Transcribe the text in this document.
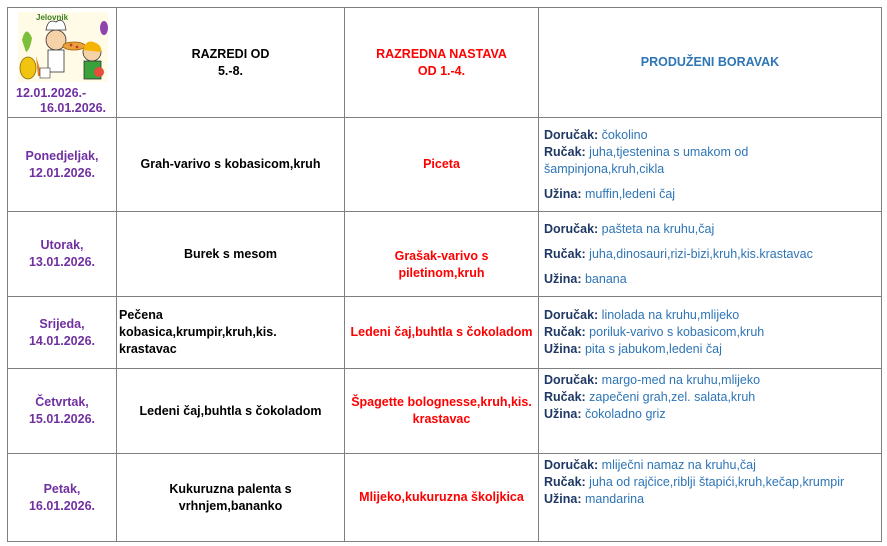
Jelovnik
12.01.2026.-
16.01.2026.	RAZREDI OD
5.-8.	RAZREDNA NASTAVA
OD 1.-4.	PRODUŽENI BORAVAK

Ponedjeljak,
12.01.2026.	Grah-varivo s kobasicom,kruh	Piceta	Doručak: čokolino
Ručak: juha,tjestenina s umakom od
šampinjona,kruh,cikla
Užina: muffin,ledeni čaj

Utorak,
13.01.2026.	Burek s mesom	Grašak-varivo s
piletinom,kruh	Doručak: pašteta na kruhu,čaj
Ručak: juha,dinosauri,rizi-bizi,kruh,kis.krastavac
Užina: banana

Srijeda,
14.01.2026.	Pečena
kobasica,krumpir,kruh,kis.
krastavac	Ledeni čaj,buhtla s čokoladom	Doručak: linolada na kruhu,mlijeko
Ručak: poriluk-varivo s kobasicom,kruh
Užina: pita s jabukom,ledeni čaj

Četvrtak,
15.01.2026.	Ledeni čaj,buhtla s čokoladom	Špagette bolognesse,kruh,kis.
krastavac	Doručak: margo-med na kruhu,mlijeko
Ručak: zapečeni grah,zel. salata,kruh
Užina: čokoladno griz

Petak,
16.01.2026.	Kukuruzna palenta s
vrhnjem,bananko	Mlijeko,kukuruzna školjkica	Doručak: mliječni namaz na kruhu,čaj
Ručak: juha od rajčice,riblji štapići,kruh,kečap,krumpir
Užina: mandarina
